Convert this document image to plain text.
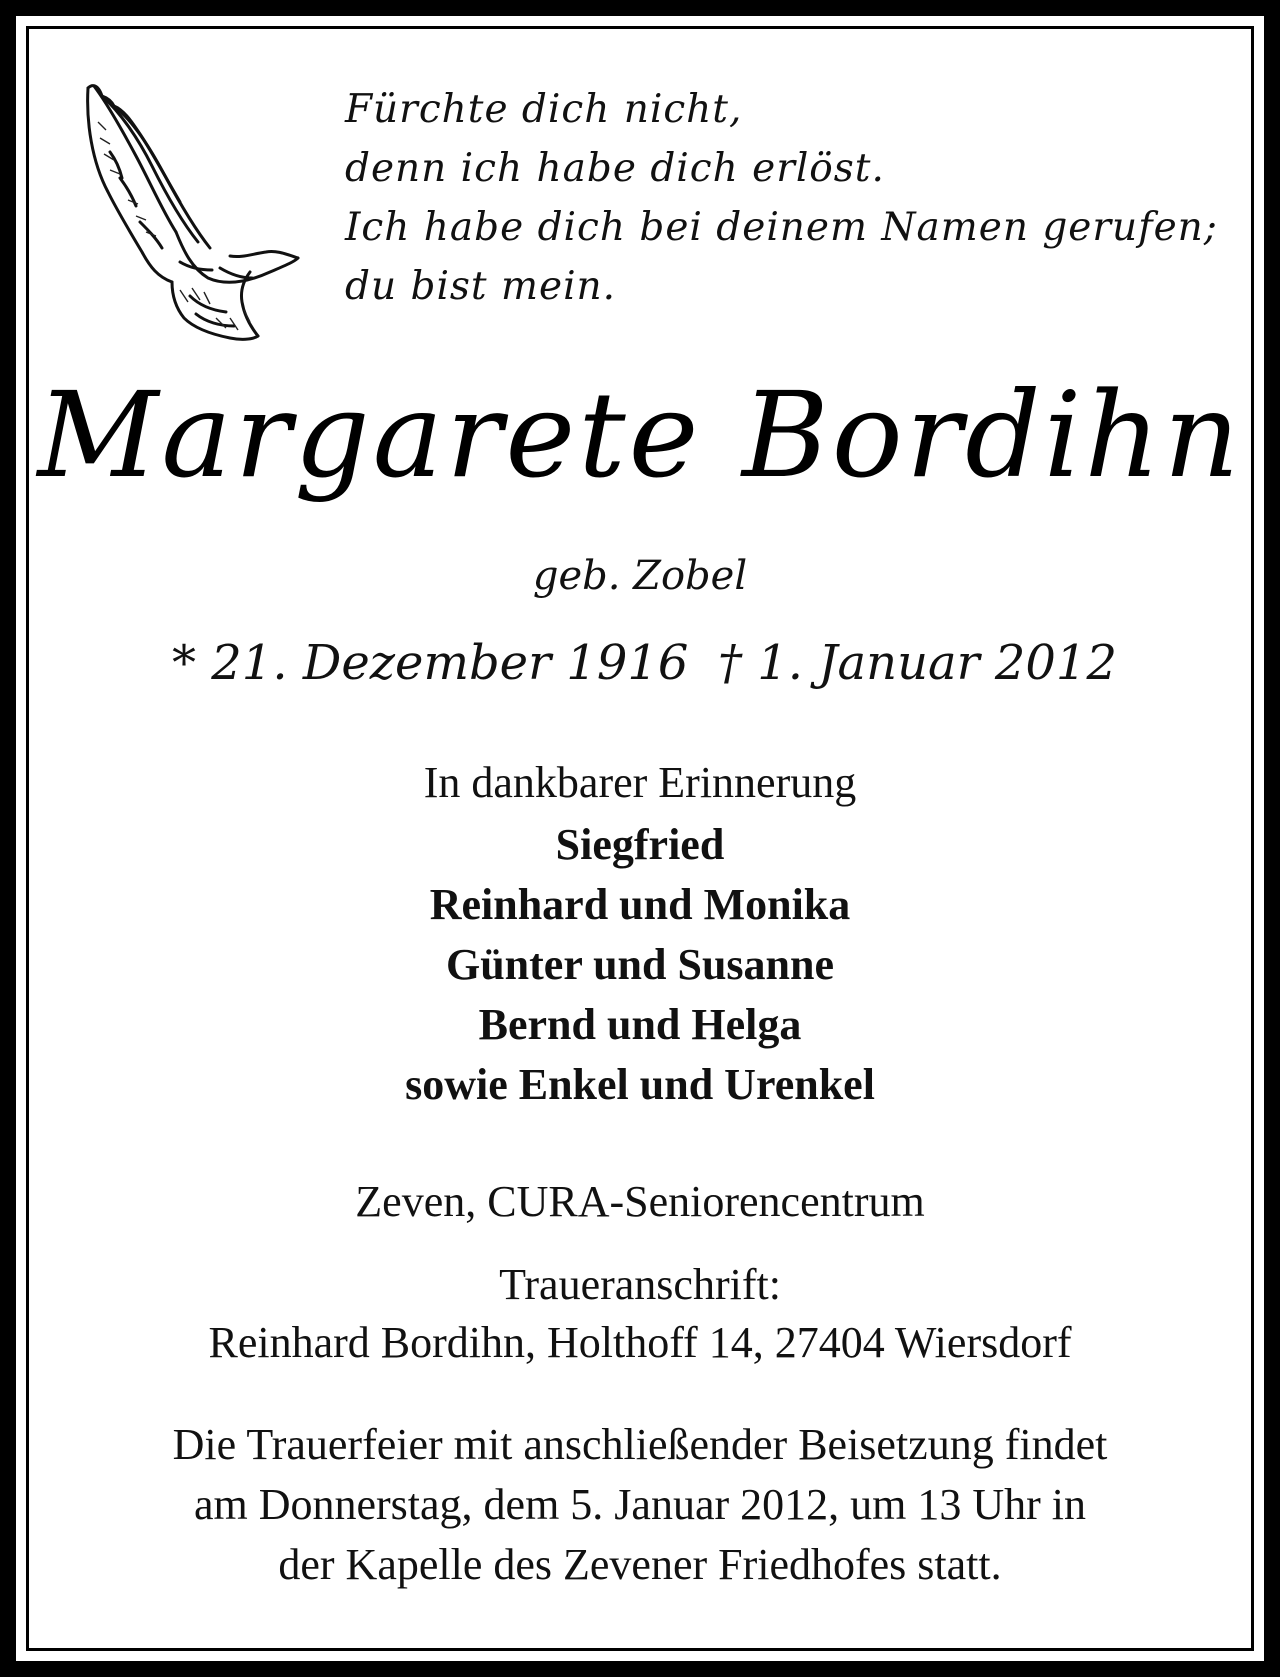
Fürchte dich nicht,
denn ich habe dich erlöst.
Ich habe dich bei deinem Namen gerufen;
du bist mein.
Margarete Bordihn
geb. Zobel
* 21. Dezember 1916 † 1. Januar 2012
In dankbarer Erinnerung
Siegfried
Reinhard und Monika
Günter und Susanne
Bernd und Helga
sowie Enkel und Urenkel
Zeven, CURA-Seniorencentrum
Traueranschrift:
Reinhard Bordihn, Holthoff 14, 27404 Wiersdorf
Die Trauerfeier mit anschließender Beisetzung findet
am Donnerstag, dem 5. Januar 2012, um 13 Uhr in
der Kapelle des Zevener Friedhofes statt.
